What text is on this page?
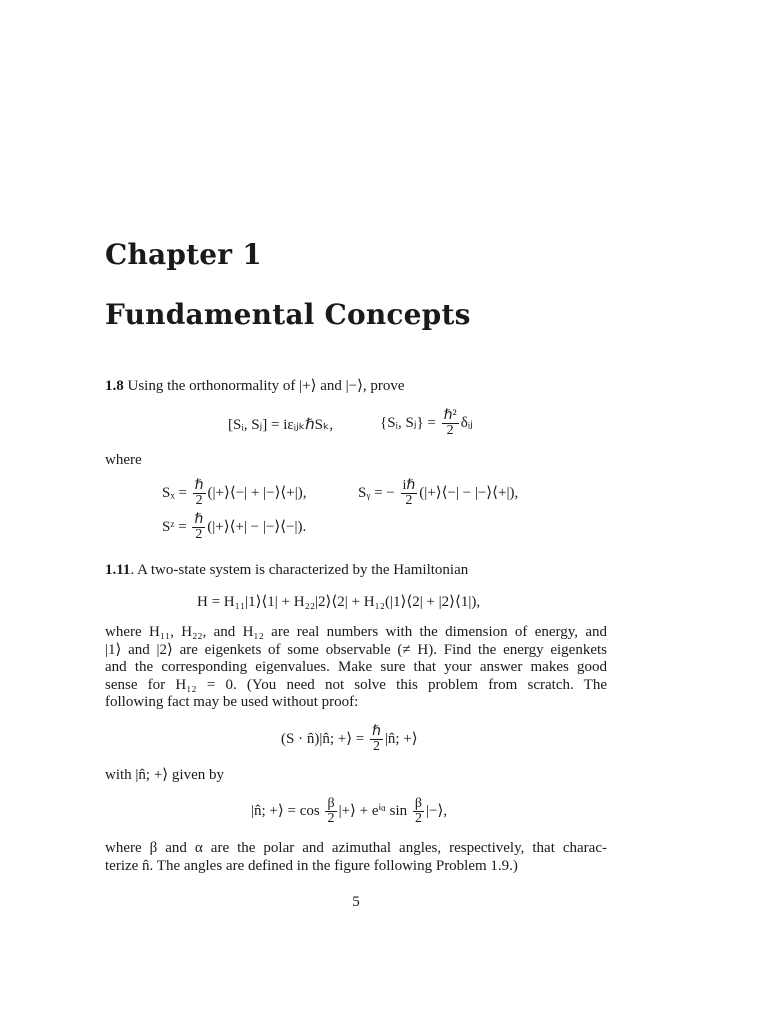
Chapter 1
Fundamental Concepts

1.8 Using the orthonormality of |+⟩ and |−⟩, prove

[Sᵢ, Sⱼ] = iεᵢⱼₖℏSₖ,	{Sᵢ, Sⱼ} = $\frac{\text{ℏ²}}{2}$ δᵢⱼ

where

$S_x = \frac{\text{ℏ}}{2}$ (|+⟩⟨−| + |−⟩⟨+|),	Sᵧ = − $\frac{\text{iℏ}}{2}$ (|+⟩⟨−| − |−⟩⟨+|),
Sᶻ = $\frac{\text{ℏ}}{2}$ (|+⟩⟨+| − |−⟩⟨−|).

1.11. A two-state system is characterized by the Hamiltonian

H = H₁₁|1⟩⟨1| + H₂₂|2⟩⟨2| + H₁₂(|1⟩⟨2| + |2⟩⟨1|),
where H₁₁, H₂₂, and H₁₂ are real numbers with the dimension of energy, and
|1⟩ and |2⟩ are eigenkets of some observable (≠ H). Find the energy eigenkets
and the corresponding eigenvalues. Make sure that your answer makes good
sense for H₁₂ = 0. (You need not solve this problem from scratch. The
following fact may be used without proof:
(S · n̂)|n̂; +⟩ = $\frac{\text{ℏ}}{2}$ |n̂; +⟩

with |n̂; +⟩ given by

|n̂; +⟩ = $\cos \frac{\beta}{2}$ |+⟩ + eⁱᵅ $\sin \frac{\beta}{2}$ |−⟩,
where β and α are the polar and azimuthal angles, respectively, that charac-
terize n̂. The angles are defined in the figure following Problem 1.9.)
5
